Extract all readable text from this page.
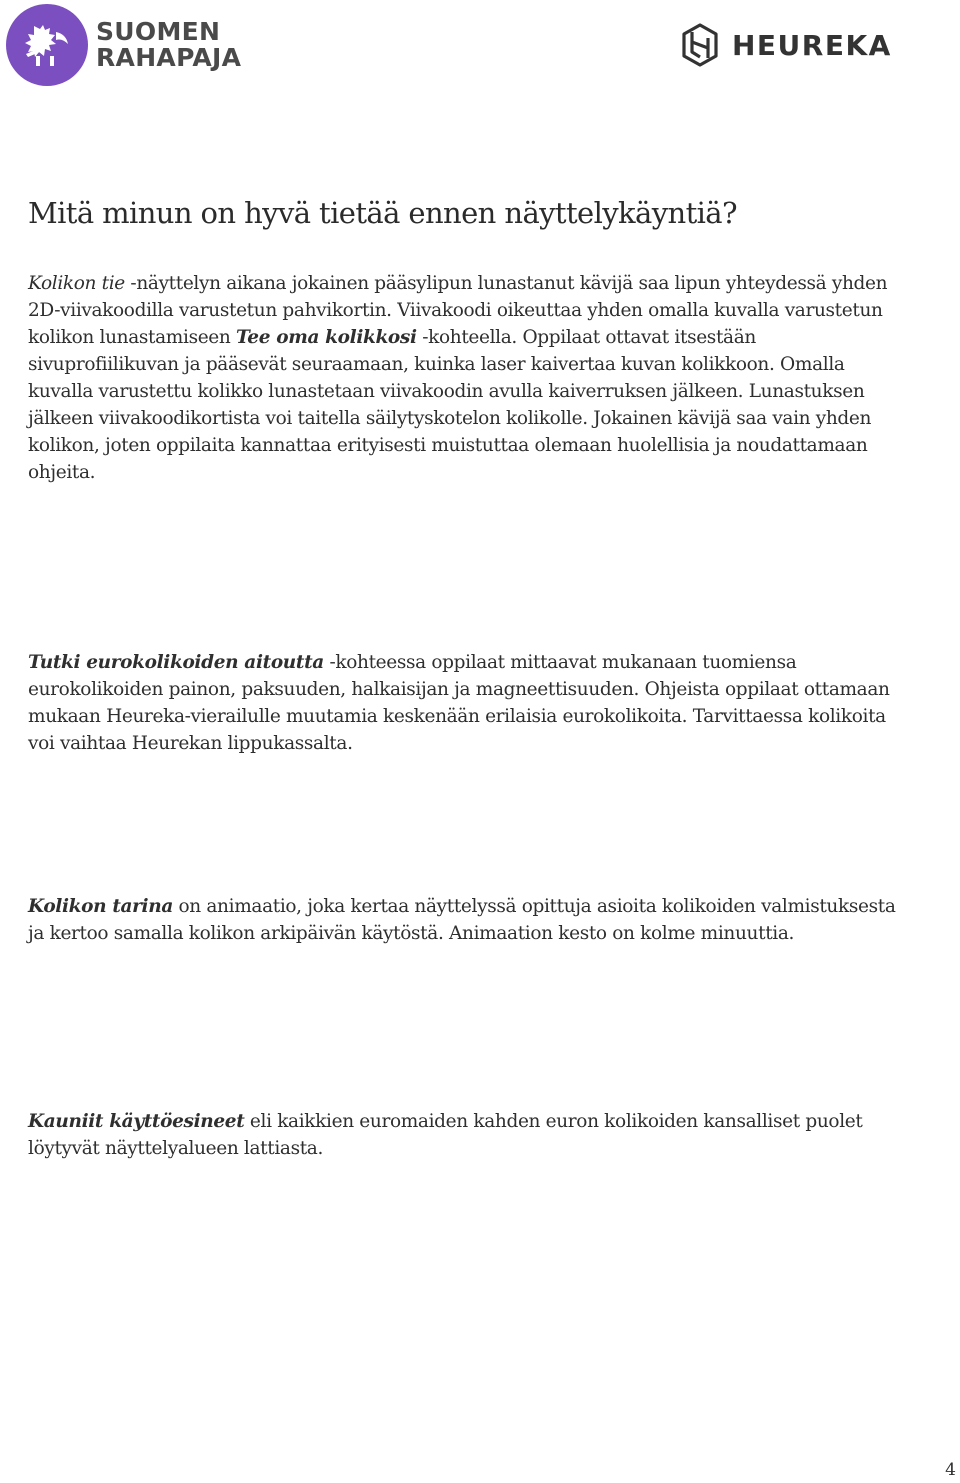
SUOMEN
RAHAPAJA	HEUREKA
Mitä minun on hyvä tietää ennen näyttelykäyntiä?

Kolikon tie -näyttelyn aikana jokainen pääsylipun lunastanut kävijä saa lipun yhteydessä yhden 2D-viivakoodilla varustetun pahvikortin. Viivakoodi oikeuttaa yhden omalla kuvalla varustetun kolikon lunastamiseen Tee oma kolikkosi -kohteella. Oppilaat ottavat itsestään sivuprofiilikuvan ja pääsevät seuraamaan, kuinka laser kaivertaa kuvan kolikkoon. Omalla kuvalla varustettu kolikko lunastetaan viivakoodin avulla kaiverruksen jälkeen. Lunastuksen jälkeen viivakoodikortista voi taitella säilytyskotelon kolikolle. Jokainen kävijä saa vain yhden kolikon, joten oppilaita kannattaa erityisesti muistuttaa olemaan huolellisia ja noudattamaan ohjeita.

Tutki eurokolikoiden aitoutta -kohteessa oppilaat mittaavat mukanaan tuomiensa eurokolikoiden painon, paksuuden, halkaisijan ja magneettisuuden. Ohjeista oppilaat ottamaan mukaan Heureka-vierailulle muutamia keskenään erilaisia eurokolikoita. Tarvittaessa kolikoita voi vaihtaa Heurekan lippukassalta.

Kolikon tarina on animaatio, joka kertaa näyttelyssä opittuja asioita kolikoiden valmistuksesta ja kertoo samalla kolikon arkipäivän käytöstä. Animaation kesto on kolme minuuttia.

Kauniit käyttöesineet eli kaikkien euromaiden kahden euron kolikoiden kansalliset puolet löytyvät näyttelyalueen lattiasta.

4
